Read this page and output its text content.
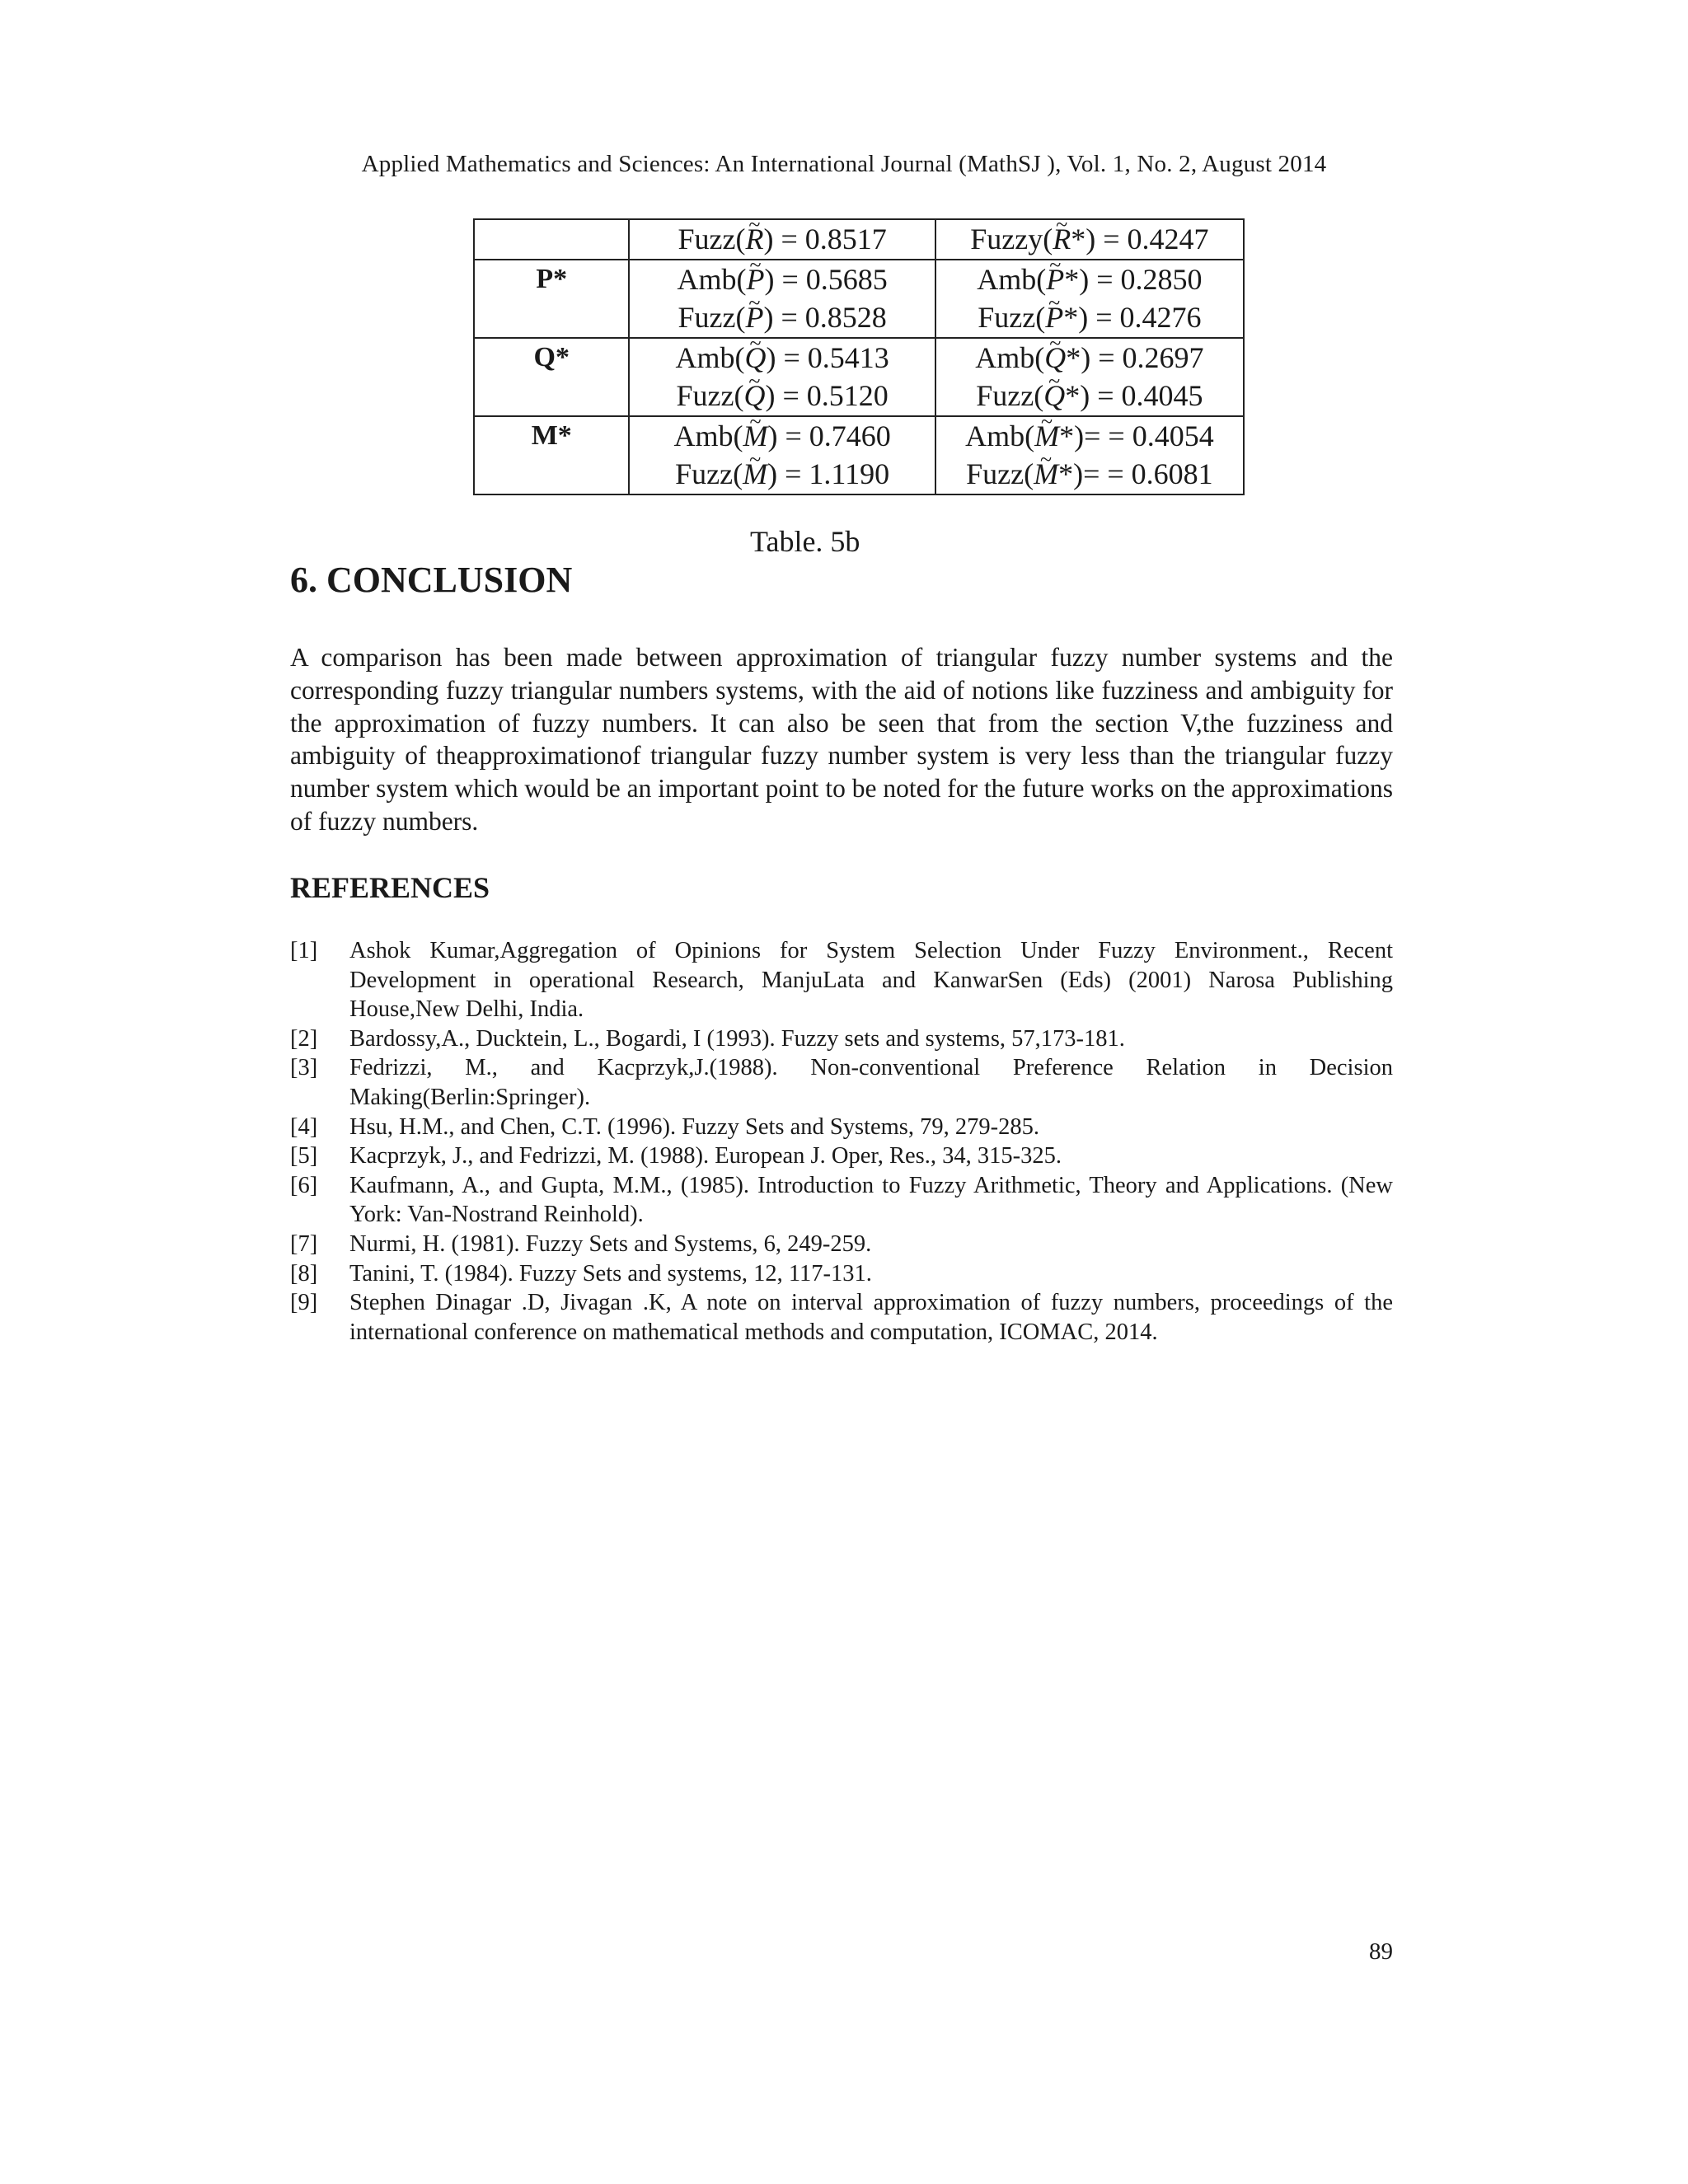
Applied Mathematics and Sciences: An International Journal (MathSJ ), Vol. 1, No. 2, August 2014
	Fuzz(~ R) = 0.8517	Fuzzy(~ R*) = 0.4247
P*	Amb(~ P) = 0.5685	Amb(~ P*) = 0.2850
	Fuzz(~ P) = 0.8528	Fuzz(~ P*) = 0.4276
Q*	Amb(~ Q) = 0.5413	Amb(~ Q*) = 0.2697
	Fuzz(~ Q) = 0.5120	Fuzz(~ Q*) = 0.4045
M*	Amb(~ M) = 0.7460	Amb(~ M*)= = 0.4054
	Fuzz(~ M) = 1.1190	Fuzz(~ M*)= = 0.6081
Table. 5b
6. CONCLUSION

A comparison has been made between approximation of triangular fuzzy number systems and the corresponding fuzzy triangular numbers systems, with the aid of notions like fuzziness and ambiguity for the approximation of fuzzy numbers. It can also be seen that from the section V,the fuzziness and ambiguity of theapproximationof triangular fuzzy number system is very less than the triangular fuzzy number system which would be an important point to be noted for the future works on the approximations of fuzzy numbers.

REFERENCES
[1]	Ashok Kumar,Aggregation of Opinions for System Selection Under Fuzzy Environment., Recent Development in operational Research, ManjuLata and KanwarSen (Eds) (2001) Narosa Publishing House,New Delhi, India.
[2]	Bardossy,A., Ducktein, L., Bogardi, I (1993). Fuzzy sets and systems, 57,173-181.
[3]	Fedrizzi, M., and Kacprzyk,J.(1988). Non-conventional Preference Relation in Decision Making(Berlin:Springer).
[4]	Hsu, H.M., and Chen, C.T. (1996). Fuzzy Sets and Systems, 79, 279-285.
[5]	Kacprzyk, J., and Fedrizzi, M. (1988). European J. Oper, Res., 34, 315-325.
[6]	Kaufmann, A., and Gupta, M.M., (1985). Introduction to Fuzzy Arithmetic, Theory and Applications. (New York: Van-Nostrand Reinhold).
[7]	Nurmi, H. (1981). Fuzzy Sets and Systems, 6, 249-259.
[8]	Tanini, T. (1984). Fuzzy Sets and systems, 12, 117-131.
[9]	Stephen Dinagar .D, Jivagan .K, A note on interval approximation of fuzzy numbers, proceedings of the international conference on mathematical methods and computation, ICOMAC, 2014.
89
